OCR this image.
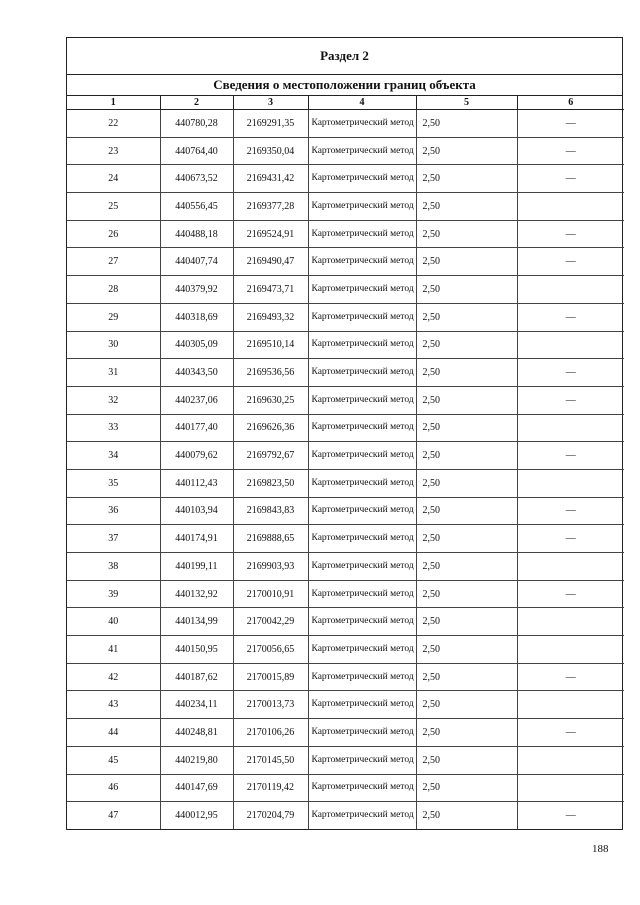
Раздел 2
Сведения о местоположении границ объекта
1	2	3	4	5	6
22	440780,28	2169291,35	Картометрический метод	2,50	—
23	440764,40	2169350,04	Картометрический метод	2,50	—
24	440673,52	2169431,42	Картометрический метод	2,50	—
25	440556,45	2169377,28	Картометрический метод	2,50	
26	440488,18	2169524,91	Картометрический метод	2,50	—
27	440407,74	2169490,47	Картометрический метод	2,50	—
28	440379,92	2169473,71	Картометрический метод	2,50	
29	440318,69	2169493,32	Картометрический метод	2,50	—
30	440305,09	2169510,14	Картометрический метод	2,50	
31	440343,50	2169536,56	Картометрический метод	2,50	—
32	440237,06	2169630,25	Картометрический метод	2,50	—
33	440177,40	2169626,36	Картометрический метод	2,50	
34	440079,62	2169792,67	Картометрический метод	2,50	—
35	440112,43	2169823,50	Картометрический метод	2,50	
36	440103,94	2169843,83	Картометрический метод	2,50	—
37	440174,91	2169888,65	Картометрический метод	2,50	—
38	440199,11	2169903,93	Картометрический метод	2,50	
39	440132,92	2170010,91	Картометрический метод	2,50	—
40	440134,99	2170042,29	Картометрический метод	2,50	
41	440150,95	2170056,65	Картометрический метод	2,50	
42	440187,62	2170015,89	Картометрический метод	2,50	—
43	440234,11	2170013,73	Картометрический метод	2,50	
44	440248,81	2170106,26	Картометрический метод	2,50	—
45	440219,80	2170145,50	Картометрический метод	2,50	
46	440147,69	2170119,42	Картометрический метод	2,50	
47	440012,95	2170204,79	Картометрический метод	2,50	—
188
